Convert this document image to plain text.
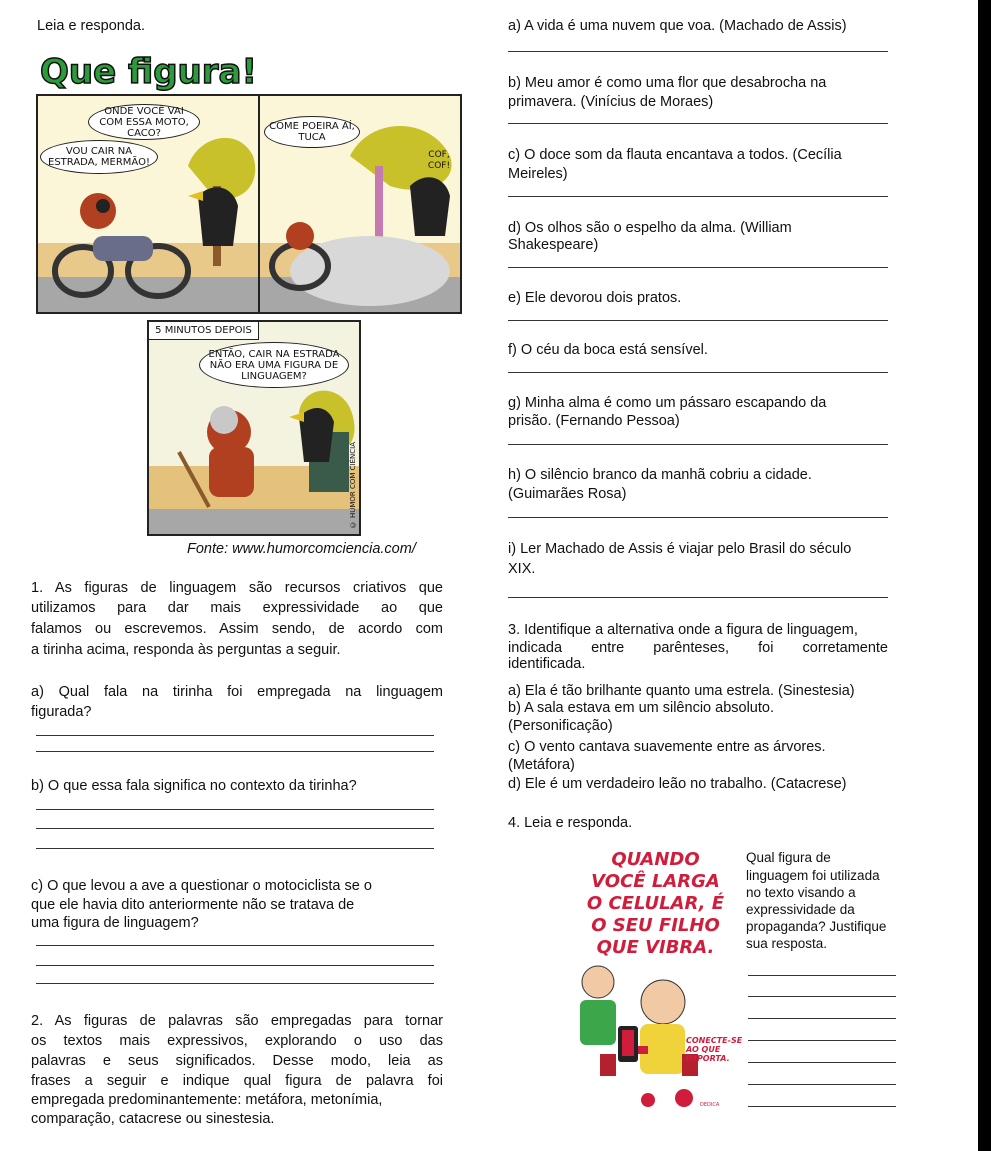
Leia e responda.
Que figura!
ONDE VOCÊ VAI COM ESSA MOTO, CACO?
VOU CAIR NA ESTRADA, MERMÃO!
COME POEIRA AÍ, TUCA
COF, COF!
5 MINUTOS DEPOIS
ENTÃO, CAIR NA ESTRADA NÃO ERA UMA FIGURA DE LINGUAGEM?
© HUMOR COM CIÊNCIA
Fonte: www.humorcomciencia.com/
1. As figuras de linguagem são recursos criativos que
utilizamos para dar mais expressividade ao que
falamos ou escrevemos. Assim sendo, de acordo com
a tirinha acima, responda às perguntas a seguir.
a) Qual fala na tirinha foi empregada na linguagem
figurada?
b) O que essa fala significa no contexto da tirinha?
c) O que levou a ave a questionar o motociclista se o
que ele havia dito anteriormente não se tratava de
uma figura de linguagem?
2. As figuras de palavras são empregadas para tornar
os textos mais expressivos, explorando o uso das
palavras e seus significados. Desse modo, leia as
frases a seguir e indique qual figura de palavra foi
empregada predominantemente: metáfora, metonímia,
comparação, catacrese ou sinestesia.
a) A vida é uma nuvem que voa. (Machado de Assis)
b) Meu amor é como uma flor que desabrocha na
primavera. (Vinícius de Moraes)
c) O doce som da flauta encantava a todos. (Cecília
Meireles)
d) Os olhos são o espelho da alma. (William
Shakespeare)
e) Ele devorou dois pratos.
f) O céu da boca está sensível.
g) Minha alma é como um pássaro escapando da
prisão. (Fernando Pessoa)
h) O silêncio branco da manhã cobriu a cidade.
(Guimarães Rosa)
i) Ler Machado de Assis é viajar pelo Brasil do século
XIX.
3. Identifique a alternativa onde a figura de linguagem,
indicada entre parênteses, foi corretamente
identificada.
a) Ela é tão brilhante quanto uma estrela. (Sinestesia)
b) A sala estava em um silêncio absoluto.
(Personificação)
c) O vento cantava suavemente entre as árvores.
(Metáfora)
d) Ele é um verdadeiro leão no trabalho. (Catacrese)
4. Leia e responda.
QUANDO
VOCÊ LARGA
O CELULAR, É
O SEU FILHO
QUE VIBRA.
CONECTE-SE
AO QUE
IMPORTA.
DEDICA
Qual figura de
linguagem foi utilizada
no texto visando a
expressividade da
propaganda? Justifique
sua resposta.
